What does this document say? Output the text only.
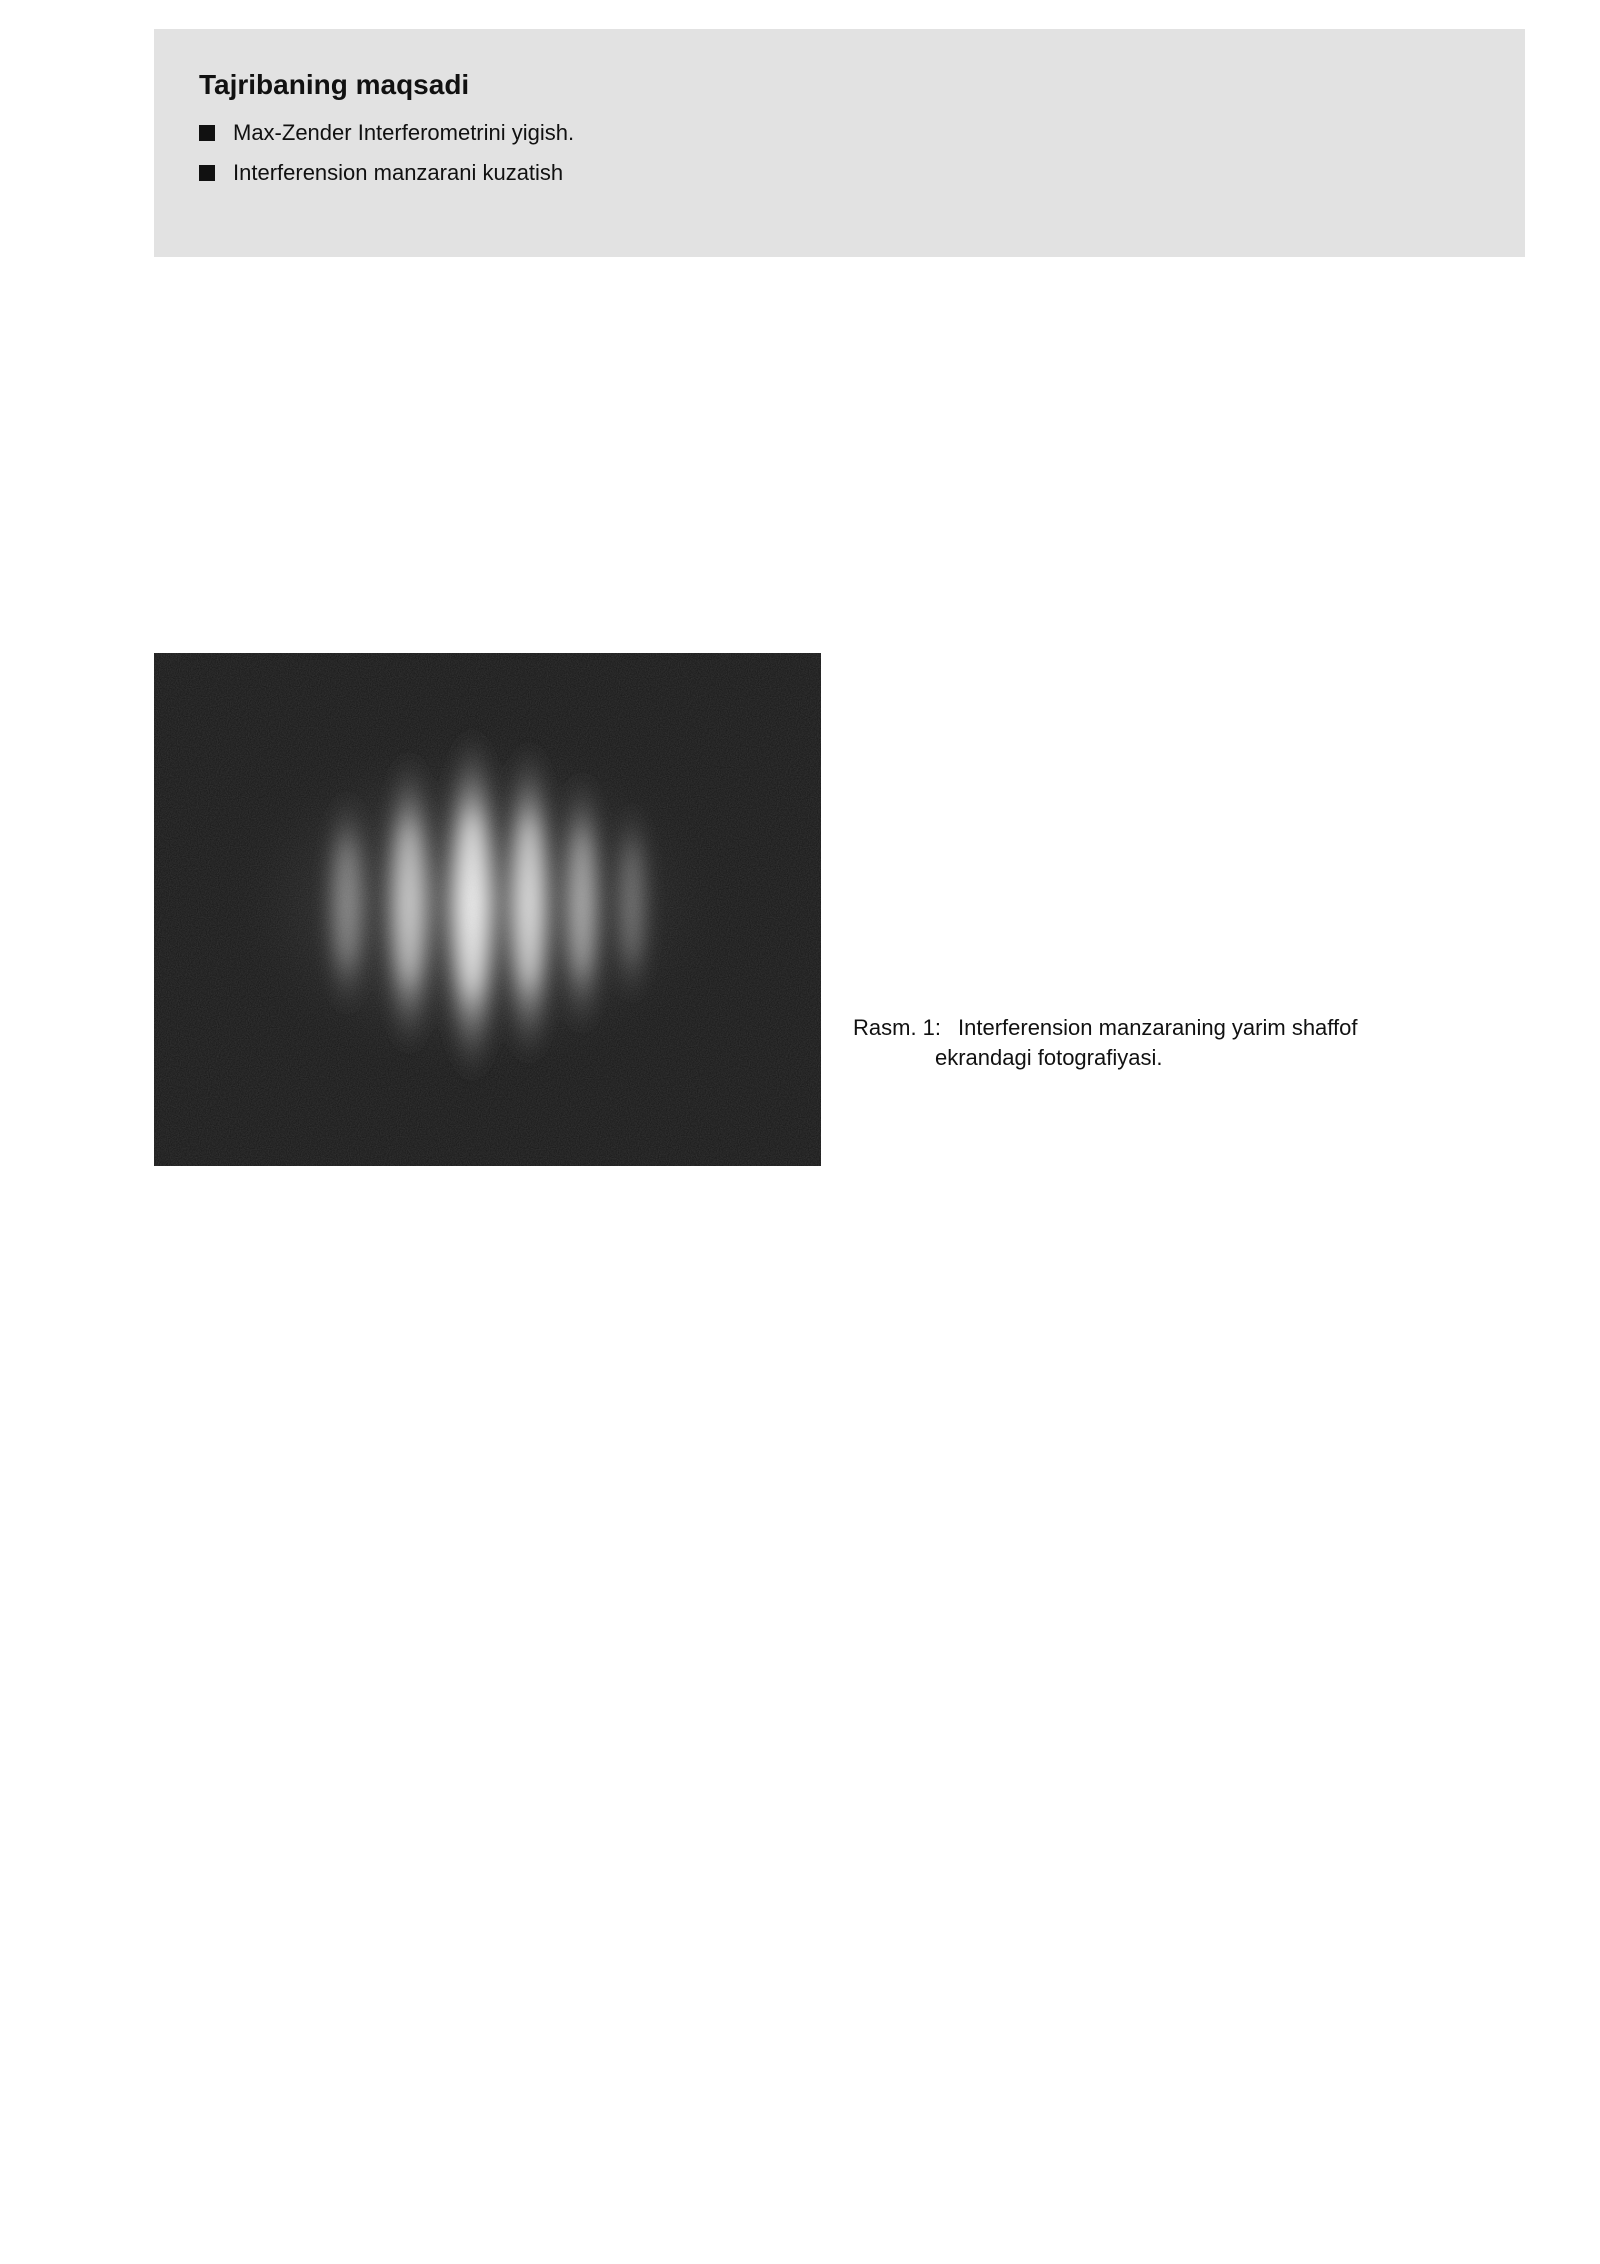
Tajribaning maqsadi
Max-Zender Interferometrini yigish.
Interferension manzarani kuzatish
Rasm. 1: Interferension manzaraning yarim shaffof
ekrandagi fotografiyasi.
